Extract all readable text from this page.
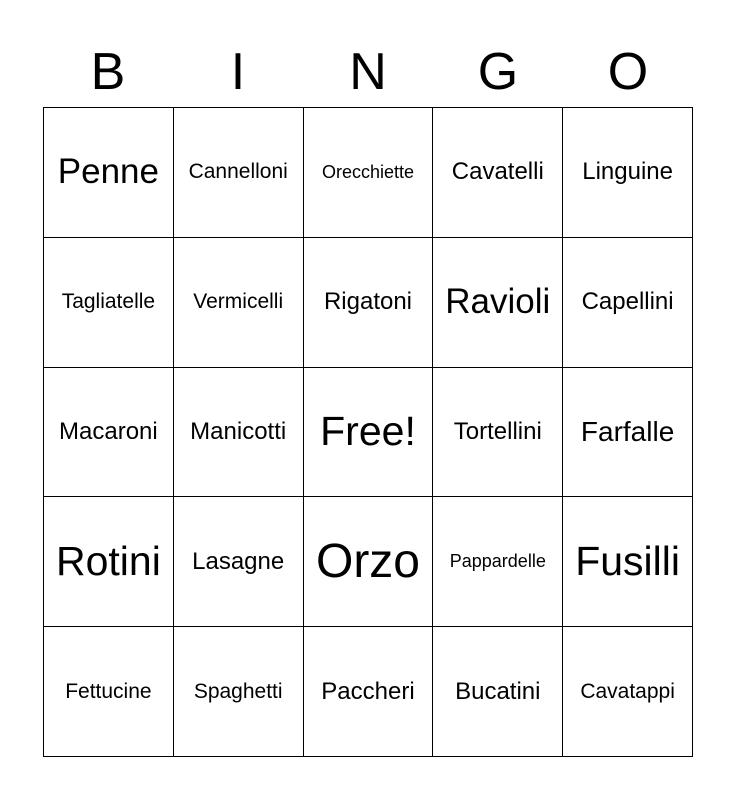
B	I	N	G	O
Penne Cannelloni Orecchiette Cavatelli Linguine
Tagliatelle Vermicelli Rigatoni Ravioli Capellini
Macaroni Manicotti Free! Tortellini Farfalle
Rotini Lasagne Orzo Pappardelle Fusilli
Fettucine Spaghetti Paccheri Bucatini Cavatappi
